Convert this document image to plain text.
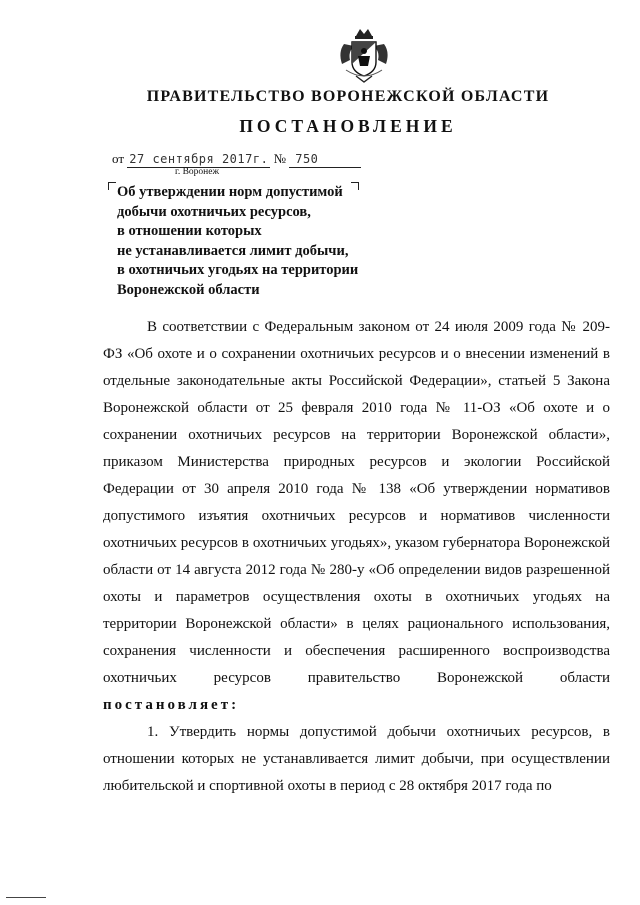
ПРАВИТЕЛЬСТВО ВОРОНЕЖСКОЙ ОБЛАСТИ
ПОСТАНОВЛЕНИЕ
от 27 сентября 2017г. № 750
г. Воронеж
Об утверждении норм допустимой
добычи охотничьих ресурсов,
в отношении которых
не устанавливается лимит добычи,
в охотничьих угодьях на территории
Воронежской области

В соответствии с Федеральным законом от 24 июля 2009 года № 209-ФЗ «Об охоте и о сохранении охотничьих ресурсов и о внесении изменений в отдельные законодательные акты Российской Федерации», статьей 5 Закона Воронежской области от 25 февраля 2010 года № 11-ОЗ «Об охоте и о сохранении охотничьих ресурсов на территории Воронежской области», приказом Министерства природных ресурсов и экологии Российской Федерации от 30 апреля 2010 года № 138 «Об утверждении нормативов допустимого изъятия охотничьих ресурсов и нормативов численности охотничьих ресурсов в охотничьих угодьях», указом губернатора Воронежской области от 14 августа 2012 года № 280-у «Об определении видов разрешенной охоты и параметров осуществления охоты в охотничьих угодьях на территории Воронежской области» в целях рационального использования, сохранения численности и обеспечения расширенного воспроизводства охотничьих ресурсов правительство Воронежской области постановляет:

1. Утвердить нормы допустимой добычи охотничьих ресурсов, в отношении которых не устанавливается лимит добычи, при осуществлении любительской и спортивной охоты в период с 28 октября 2017 года по
